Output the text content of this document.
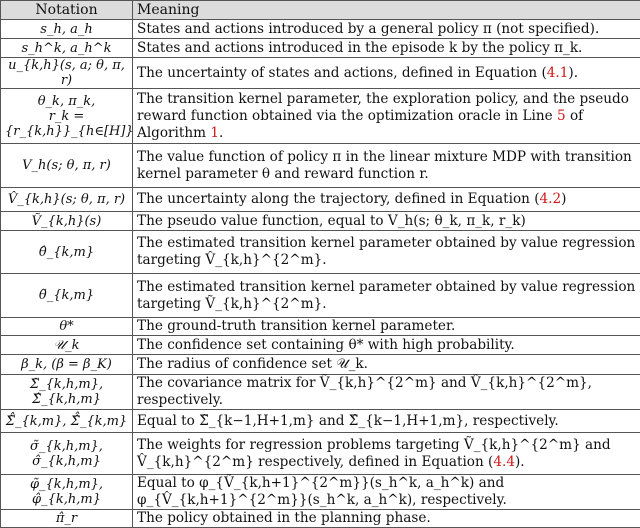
Notation	Meaning
s_h, a_h	States and actions introduced by a general policy π (not specified).
s_h^k, a_h^k	States and actions introduced in the episode k by the policy π_k.
u_{k,h}(s, a; θ, π, r)	The uncertainty of states and actions, defined in Equation (4.1).
θ_k, π_k,
r_k = {r_{k,h}}_{h∈[H]}	The transition kernel parameter, the exploration policy, and the pseudo reward function obtained via the optimization oracle in Line 5 of Algorithm 1.
V_h(s; θ, π, r)	The value function of policy π in the linear mixture MDP with transition kernel parameter θ and reward function r.
V̂_{k,h}(s; θ, π, r)	The uncertainty along the trajectory, defined in Equation (4.2)
Ṽ_{k,h}(s)	The pseudo value function, equal to V_h(s; θ_k, π_k, r_k)
θ̂_{k,m}	The estimated transition kernel parameter obtained by value regression targeting V̂_{k,h}^{2^m}.
θ̃_{k,m}	The estimated transition kernel parameter obtained by value regression targeting Ṽ_{k,h}^{2^m}.
θ*	The ground-truth transition kernel parameter.
𝒰_k	The confidence set containing θ* with high probability.
β_k, (β = β_K)	The radius of confidence set 𝒰_k.
Σ̃_{k,h,m}, Σ̂_{k,h,m}	The covariance matrix for Ṽ_{k,h}^{2^m} and V̂_{k,h}^{2^m}, respectively.
Σ̃̂_{k,m}, Σ̂̂_{k,m}	Equal to Σ̃_{k−1,H+1,m} and Σ̂_{k−1,H+1,m}, respectively.
σ̃_{k,h,m}, σ̂_{k,h,m}	The weights for regression problems targeting Ṽ_{k,h}^{2^m} and V̂_{k,h}^{2^m} respectively, defined in Equation (4.4).
φ̃_{k,h,m}, φ̂_{k,h,m}	Equal to φ_{Ṽ_{k,h+1}^{2^m}}(s_h^k, a_h^k) and φ_{V̂_{k,h+1}^{2^m}}(s_h^k, a_h^k), respectively.
π̂_r	The policy obtained in the planning phase.
